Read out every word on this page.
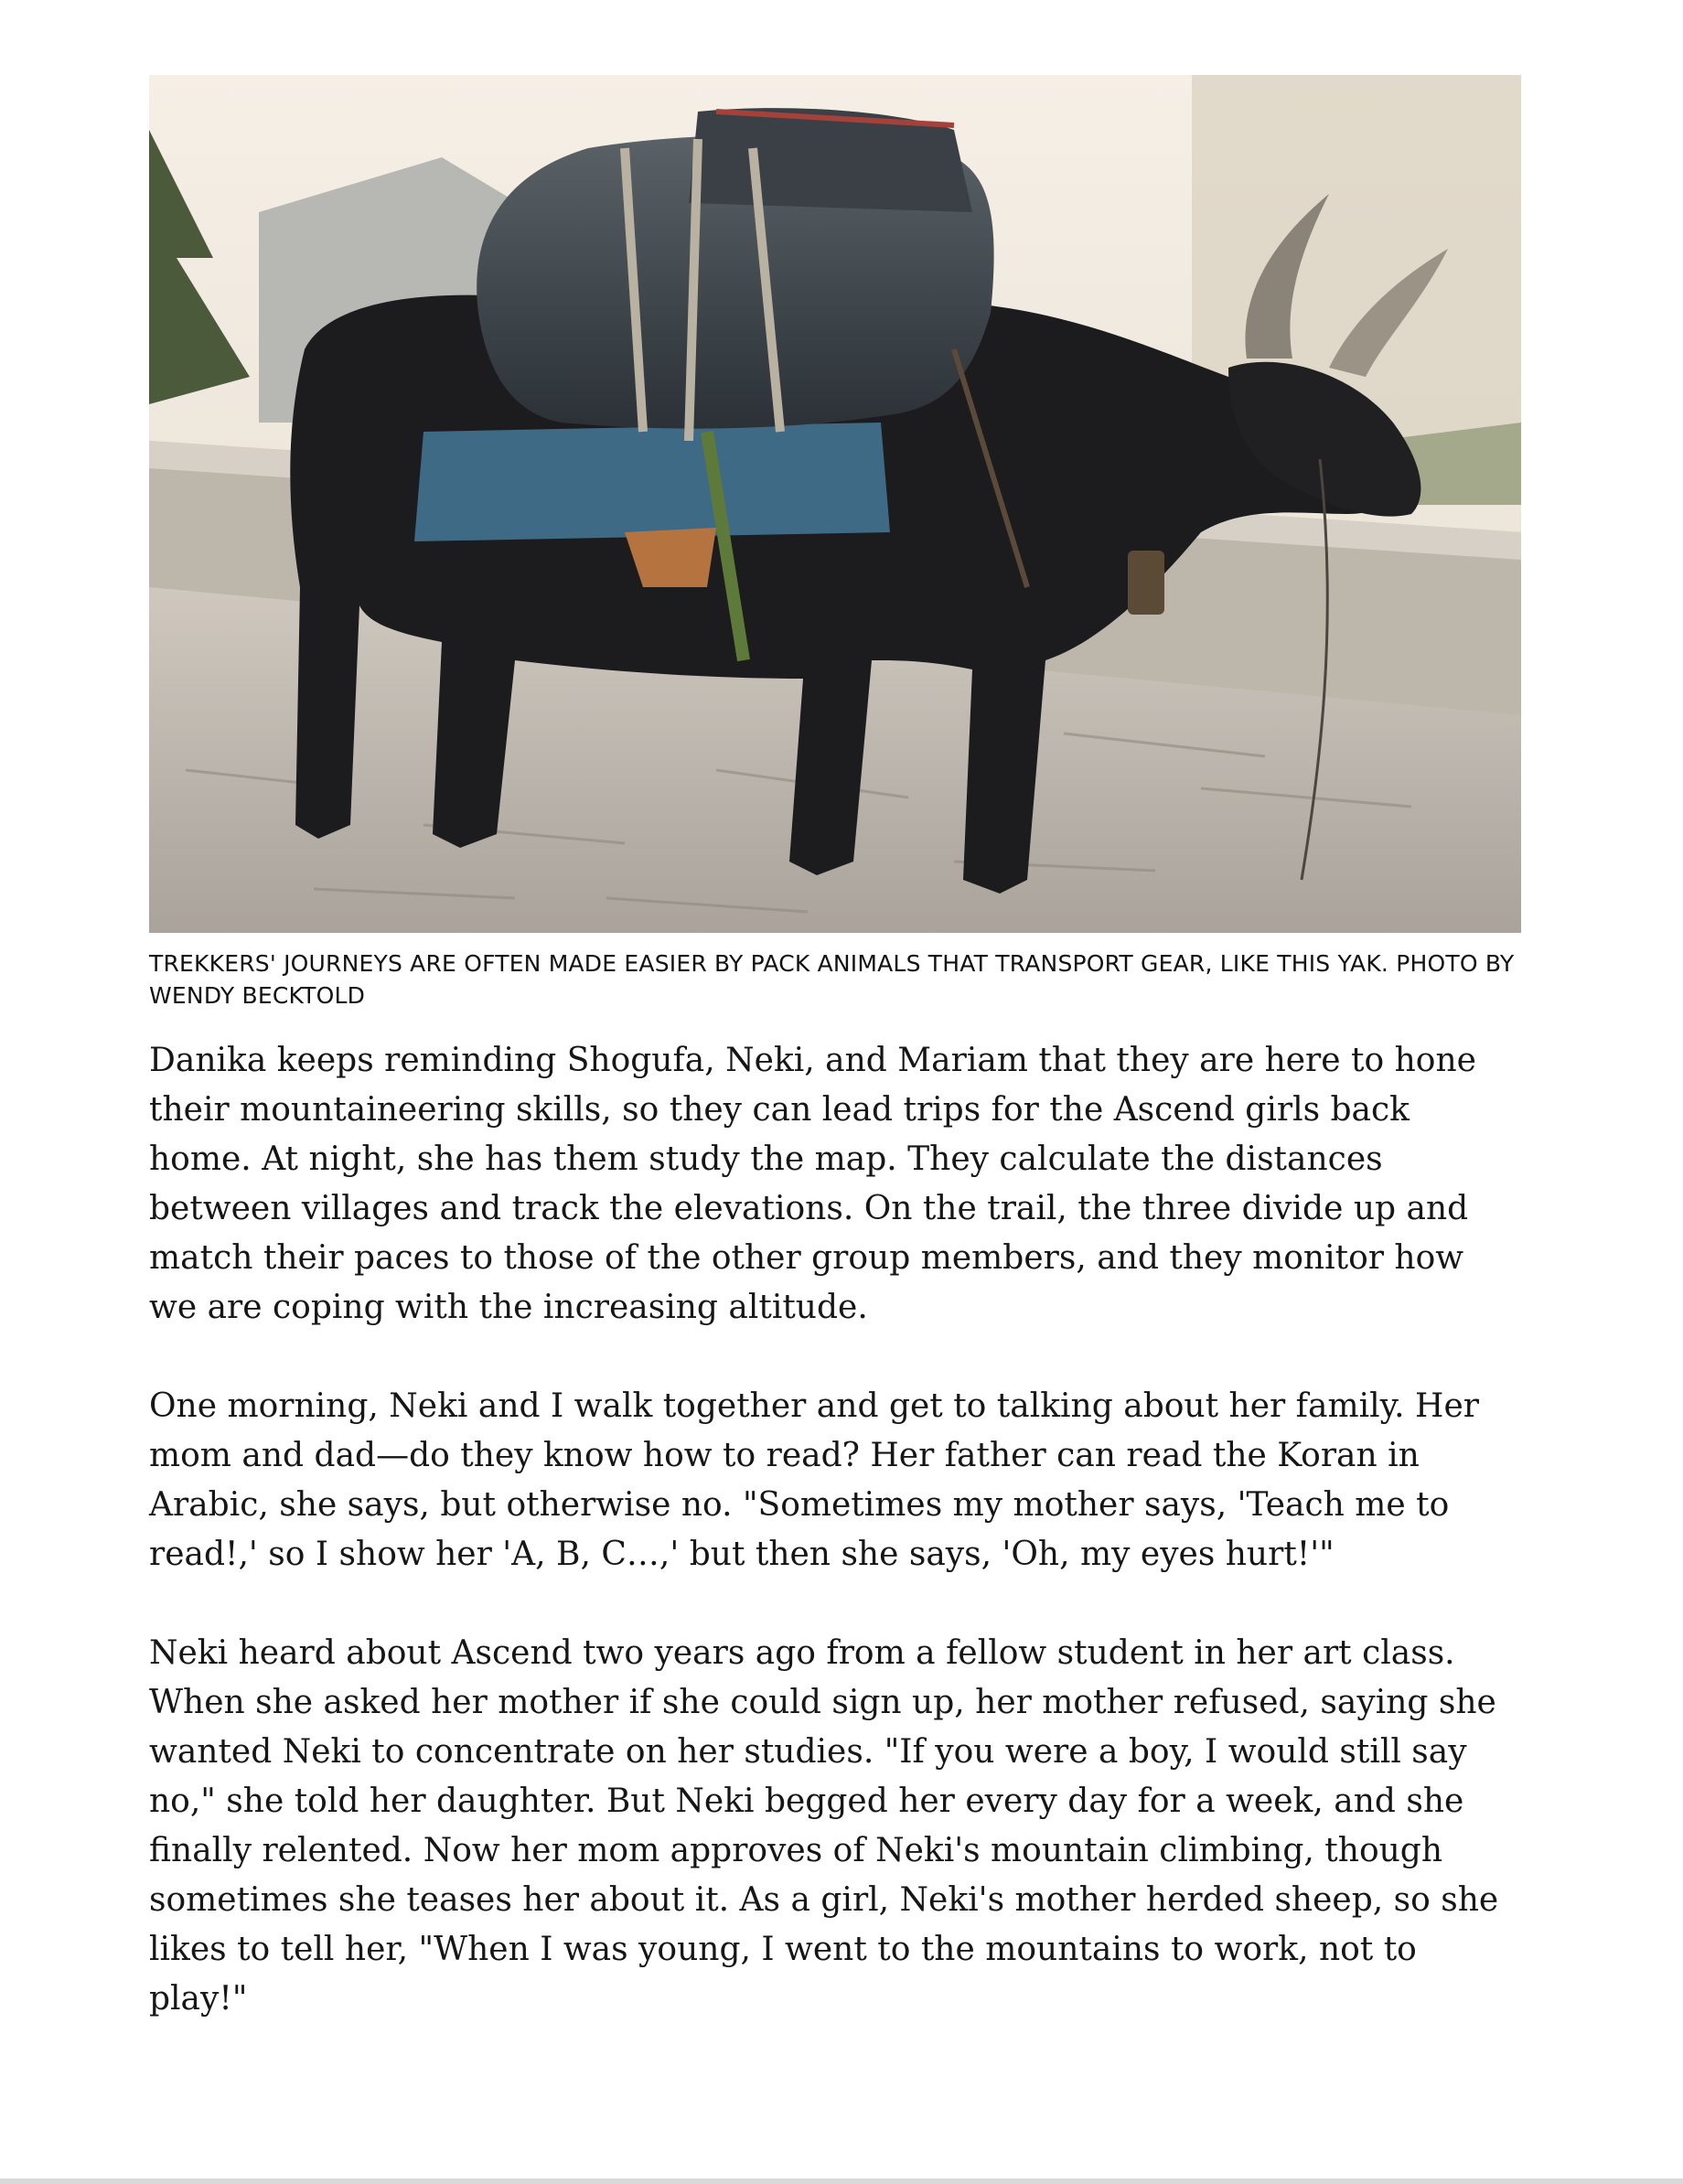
TREKKERS' JOURNEYS ARE OFTEN MADE EASIER BY PACK ANIMALS THAT TRANSPORT GEAR, LIKE THIS YAK. PHOTO BY WENDY BECKTOLD

Danika keeps reminding Shogufa, Neki, and Mariam that they are here to hone their mountaineering skills, so they can lead trips for the Ascend girls back home. At night, she has them study the map. They calculate the distances between villages and track the elevations. On the trail, the three divide up and match their paces to those of the other group members, and they monitor how we are coping with the increasing altitude.

One morning, Neki and I walk together and get to talking about her family. Her mom and dad—do they know how to read? Her father can read the Koran in Arabic, she says, but otherwise no. "Sometimes my mother says, 'Teach me to read!,' so I show her 'A, B, C…,' but then she says, 'Oh, my eyes hurt!'"

Neki heard about Ascend two years ago from a fellow student in her art class. When she asked her mother if she could sign up, her mother refused, saying she wanted Neki to concentrate on her studies. "If you were a boy, I would still say no," she told her daughter. But Neki begged her every day for a week, and she finally relented. Now her mom approves of Neki's mountain climbing, though sometimes she teases her about it. As a girl, Neki's mother herded sheep, so she likes to tell her, "When I was young, I went to the mountains to work, not to play!"
